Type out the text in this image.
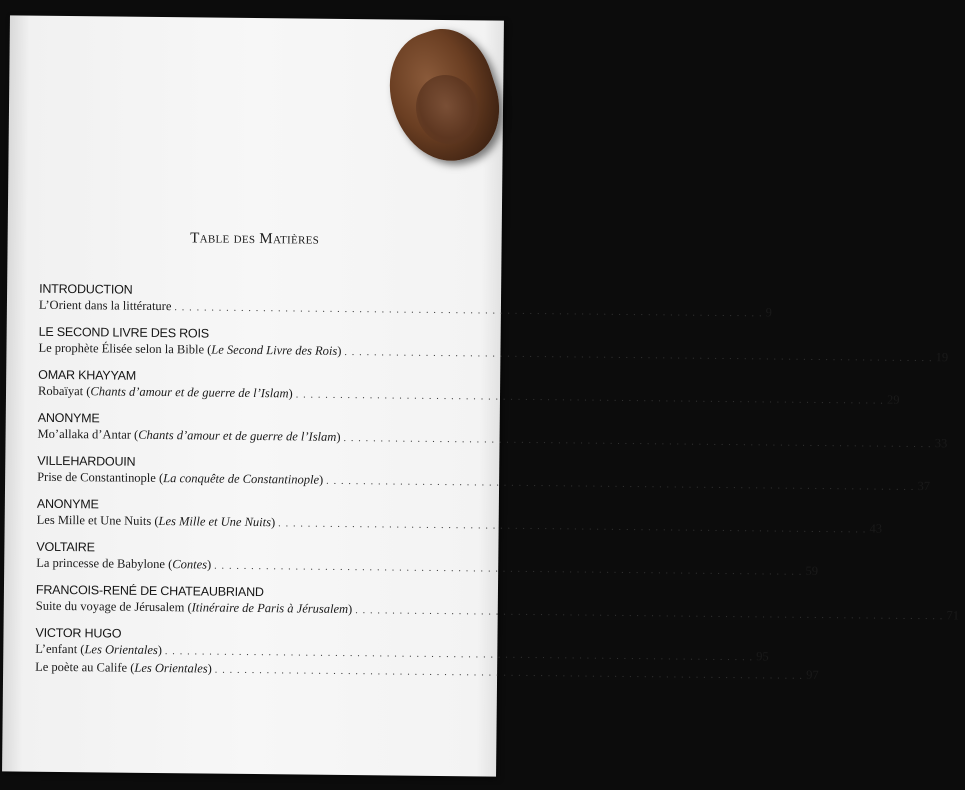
Table des Matières
INTRODUCTION
L’Orient dans la littérature . . . . . . . . . . . . . . . . . . . . . . . . . . . . . . . . . . . . . . . . . . . . . . . . . . . . . . . . . . . . . . . . . . . . . . . . . . . . . . . . 9
LE SECOND LIVRE DES ROIS
Le prophète Élisée selon la Bible (Le Second Livre des Rois) . . . . . . . . . . . . . . . . . . . . . . . . . . . . . . . . . . . . . . . . . . . . . . . . . . . . . . . . . . . . . . . . . . . . . . . . . . . . . . . . 19
OMAR KHAYYAM
Robaïyat (Chants d’amour et de guerre de l’Islam) . . . . . . . . . . . . . . . . . . . . . . . . . . . . . . . . . . . . . . . . . . . . . . . . . . . . . . . . . . . . . . . . . . . . . . . . . . . . . . . . 29
ANONYME
Mo’allaka d’Antar (Chants d’amour et de guerre de l’Islam) . . . . . . . . . . . . . . . . . . . . . . . . . . . . . . . . . . . . . . . . . . . . . . . . . . . . . . . . . . . . . . . . . . . . . . . . . . . . . . . . 33
VILLEHARDOUIN
Prise de Constantinople (La conquête de Constantinople) . . . . . . . . . . . . . . . . . . . . . . . . . . . . . . . . . . . . . . . . . . . . . . . . . . . . . . . . . . . . . . . . . . . . . . . . . . . . . . . . 37
ANONYME
Les Mille et Une Nuits (Les Mille et Une Nuits) . . . . . . . . . . . . . . . . . . . . . . . . . . . . . . . . . . . . . . . . . . . . . . . . . . . . . . . . . . . . . . . . . . . . . . . . . . . . . . . . 43
VOLTAIRE
La princesse de Babylone (Contes) . . . . . . . . . . . . . . . . . . . . . . . . . . . . . . . . . . . . . . . . . . . . . . . . . . . . . . . . . . . . . . . . . . . . . . . . . . . . . . . . 59
FRANCOIS-RENÉ DE CHATEAUBRIAND
Suite du voyage de Jérusalem (Itinéraire de Paris à Jérusalem) . . . . . . . . . . . . . . . . . . . . . . . . . . . . . . . . . . . . . . . . . . . . . . . . . . . . . . . . . . . . . . . . . . . . . . . . . . . . . . . . 71
VICTOR HUGO
L’enfant (Les Orientales) . . . . . . . . . . . . . . . . . . . . . . . . . . . . . . . . . . . . . . . . . . . . . . . . . . . . . . . . . . . . . . . . . . . . . . . . . . . . . . . . 95
Le poète au Calife (Les Orientales) . . . . . . . . . . . . . . . . . . . . . . . . . . . . . . . . . . . . . . . . . . . . . . . . . . . . . . . . . . . . . . . . . . . . . . . . . . . . . . . . 97
